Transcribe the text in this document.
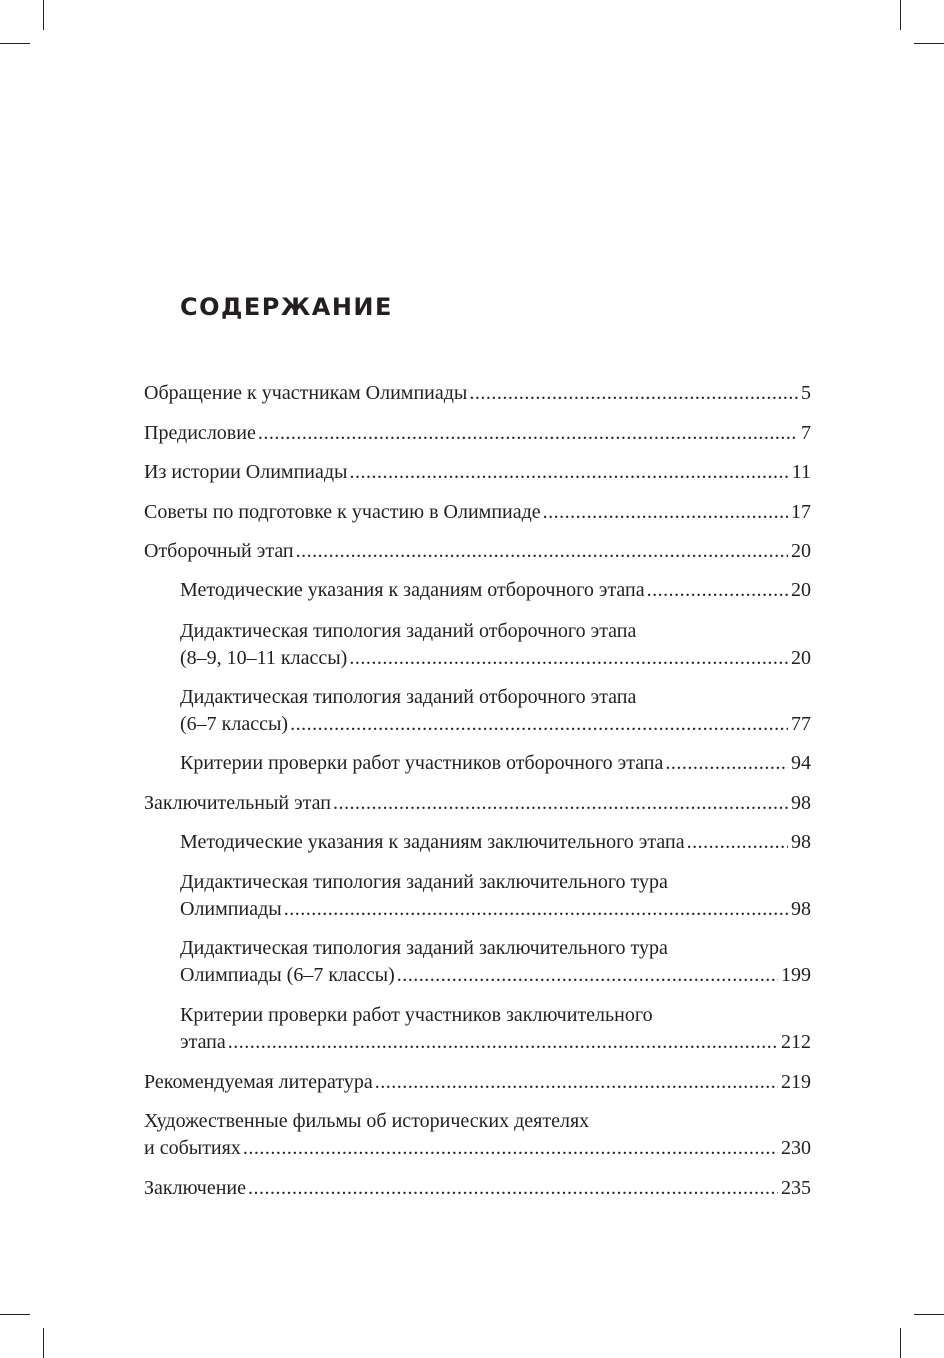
СОДЕРЖАНИЕ
Обращение к участникам Олимпиады .....	5
Предисловие .....	7
Из истории Олимпиады .....	11
Советы по подготовке к участию в Олимпиаде .....	17
Отборочный этап .....	20
Методические указания к заданиям отборочного этапа .....	20
Дидактическая типология заданий отборочного этапа
(8–9, 10–11 классы) .....	20
Дидактическая типология заданий отборочного этапа
(6–7 классы) .....	77
Критерии проверки работ участников отборочного этапа .....	94
Заключительный этап .....	98
Методические указания к заданиям заключительного этапа .....	98
Дидактическая типология заданий заключительного тура
Олимпиады .....	98
Дидактическая типология заданий заключительного тура
Олимпиады (6–7 классы) .....	199
Критерии проверки работ участников заключительного
этапа .....	212
Рекомендуемая литература .....	219
Художественные фильмы об исторических деятелях
и событиях .....	230
Заключение .....	235
